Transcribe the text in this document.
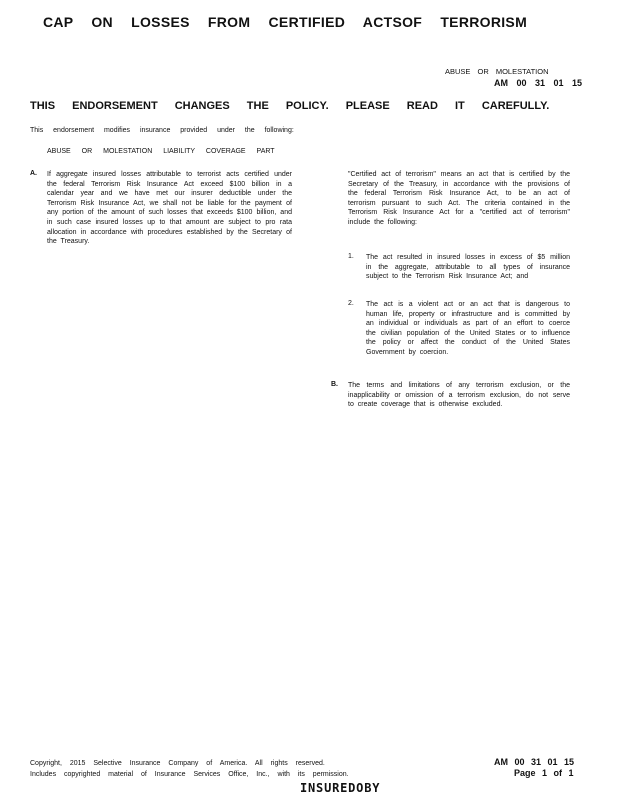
CAP ON LOSSES FROM CERTIFIED ACTSOF TERRORISM
ABUSE OR MOLESTATION
AM 00 31 01 15
THIS ENDORSEMENT CHANGES THE POLICY. PLEASE READ IT CAREFULLY.
This endorsement modifies insurance provided under the following:
ABUSE OR MOLESTATION LIABILITY COVERAGE PART
A. If aggregate insured losses attributable to terrorist acts certified under the federal Terrorism Risk Insurance Act exceed $100 billion in a calendar year and we have met our insurer deductible under the Terrorism Risk Insurance Act, we shall not be liable for the payment of any portion of the amount of such losses that exceeds $100 billion, and in such case insured losses up to that amount are subject to pro rata allocation in accordance with procedures established by the Secretary of the Treasury.

"Certified act of terrorism" means an act that is certified by the Secretary of the Treasury, in accordance with the provisions of the federal Terrorism Risk Insurance Act, to be an act of terrorism pursuant to such Act. The criteria contained in the Terrorism Risk Insurance Act for a "certified act of terrorism" include the following:

1. The act resulted in insured losses in excess of $5 million in the aggregate, attributable to all types of insurance subject to the Terrorism Risk Insurance Act; and

2. The act is a violent act or an act that is dangerous to human life, property or infrastructure and is committed by an individual or individuals as part of an effort to coerce the civilian population of the United States or to influence the policy or affect the conduct of the United States Government by coercion.

B. The terms and limitations of any terrorism exclusion, or the inapplicability or omission of a terrorism exclusion, do not serve to create coverage that is otherwise excluded.

Copyright, 2015 Selective Insurance Company of America. All rights reserved.
Includes copyrighted material of Insurance Services Office, Inc., with its permission.
AM 00 31 01 15
Page 1 of 1
INSUREDOBY
